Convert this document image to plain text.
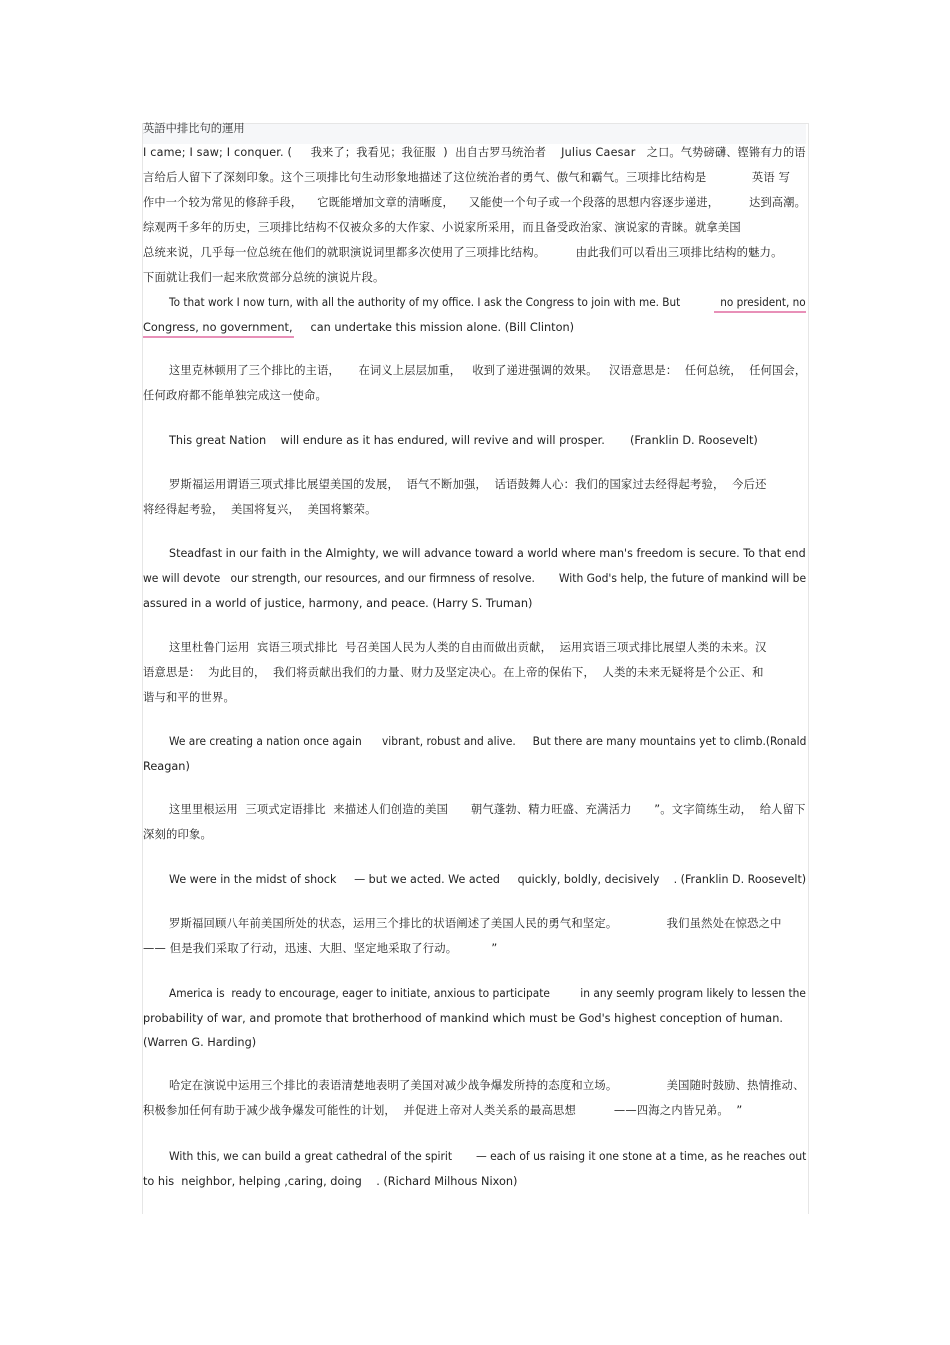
英語中排比句的運用
I came; I saw; I conquer. (     我来了；我看见；我征服  )  出自古罗马统治者    Julius Caesar   之口。气势磅礴、铿锵有力的语
言给后人留下了深刻印象。这个三项排比句生动形象地描述了这位统治者的勇气、傲气和霸气。三项排比结构是            英语 写
作中一个较为常见的修辞手段，    它既能增加文章的清晰度，    又能使一个句子或一个段落的思想内容逐步递进，        达到高潮。
综观两千多年的历史，三项排比结构不仅被众多的大作家、小说家所采用，而且备受政治家、演说家的青睐。就拿美国
总统来说，几乎每一位总统在他们的就职演说词里都多次使用了三项排比结构。        由此我们可以看出三项排比结构的魅力。
下面就让我们一起来欣赏部分总统的演说片段。
To that work I now turn, with all the authority of my office. I ask the Congress to join with me. But            no president, no
Congress, no government,     can undertake this mission alone. (Bill Clinton)
这里克林顿用了三个排比的主语，     在词义上层层加重，   收到了递进强调的效果。   汉语意思是：  任何总统，  任何国会，
任何政府都不能单独完成这一使命。
This great Nation    will endure as it has endured, will revive and will prosper.       (Franklin D. Roosevelt)
罗斯福运用谓语三项式排比展望美国的发展，  语气不断加强，  话语鼓舞人心：我们的国家过去经得起考验，  今后还
将经得起考验，  美国将复兴，  美国将繁荣。
Steadfast in our faith in the Almighty, we will advance toward a world where man's freedom is secure. To that end
we will devote   our strength, our resources, and our firmness of resolve.       With God's help, the future of mankind will be
assured in a world of justice, harmony, and peace. (Harry S. Truman)
这里杜鲁门运用  宾语三项式排比  号召美国人民为人类的自由而做出贡献，  运用宾语三项式排比展望人类的未来。汉
语意思是：  为此目的，  我们将贡献出我们的力量、财力及坚定决心。在上帝的保佑下，  人类的未来无疑将是个公正、和
谐与和平的世界。
We are creating a nation once again      vibrant, robust and alive.     But there are many mountains yet to climb.(Ronald
Reagan)
这里里根运用  三项式定语排比  来描述人们创造的美国      朝气蓬勃、精力旺盛、充满活力      ”。文字简练生动，  给人留下
深刻的印象。
We were in the midst of shock     — but we acted. We acted     quickly, boldly, decisively    . (Franklin D. Roosevelt)
罗斯福回顾八年前美国所处的状态，运用三个排比的状语阐述了美国人民的勇气和坚定。             我们虽然处在惊恐之中
—— 但是我们采取了行动，迅速、大胆、坚定地采取了行动。         ”
America is  ready to encourage, eager to initiate, anxious to participate         in any seemly program likely to lessen the
probability of war, and promote that brotherhood of mankind which must be God's highest conception of human.
(Warren G. Harding)
哈定在演说中运用三个排比的表语清楚地表明了美国对减少战争爆发所持的态度和立场。             美国随时鼓励、热情推动、
积极参加任何有助于减少战争爆发可能性的计划，  并促进上帝对人类关系的最高思想          ——四海之内皆兄弟。  ”
With this, we can build a great cathedral of the spirit       — each of us raising it one stone at a time, as he reaches out
to his  neighbor, helping ,caring, doing    . (Richard Milhous Nixon)
